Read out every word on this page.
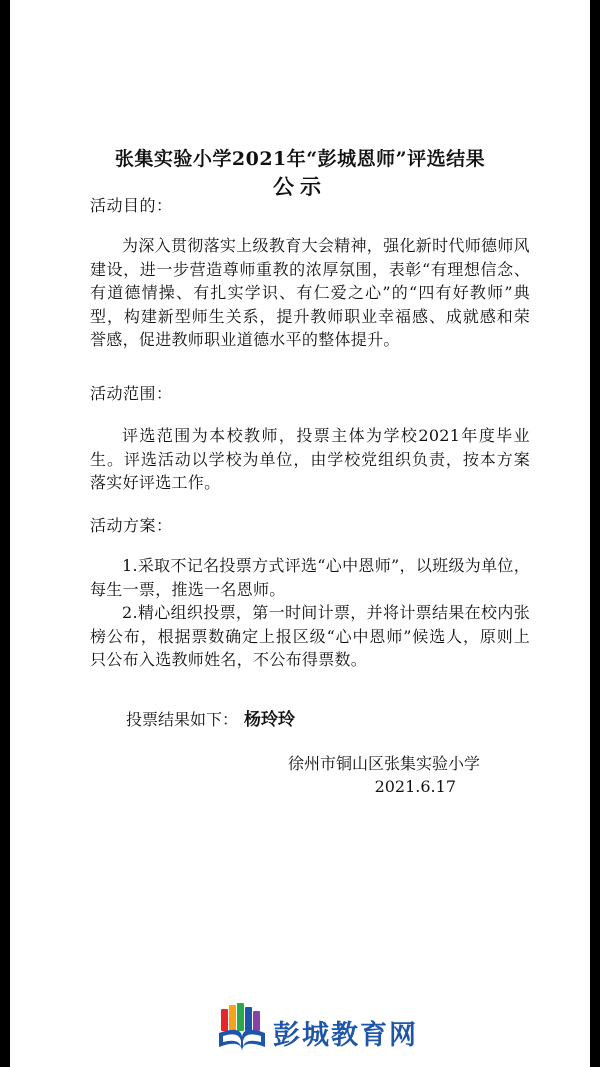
张集实验小学2021年“彭城恩师”评选结果
公示
活动目的：
为深入贯彻落实上级教育大会精神，强化新时代师德师风建设，进一步营造尊师重教的浓厚氛围，表彰“有理想信念、有道德情操、有扎实学识、有仁爱之心”的“四有好教师”典型，构建新型师生关系，提升教师职业幸福感、成就感和荣誉感，促进教师职业道德水平的整体提升。
活动范围：
评选范围为本校教师，投票主体为学校2021年度毕业生。评选活动以学校为单位，由学校党组织负责，按本方案落实好评选工作。
活动方案：
1.采取不记名投票方式评选“心中恩师”，以班级为单位，每生一票，推选一名恩师。
2.精心组织投票，第一时间计票，并将计票结果在校内张榜公布，根据票数确定上报区级“心中恩师”候选人，原则上只公布入选教师姓名，不公布得票数。
投票结果如下： 杨玲玲
徐州市铜山区张集实验小学
2021.6.17
彭城教育网
